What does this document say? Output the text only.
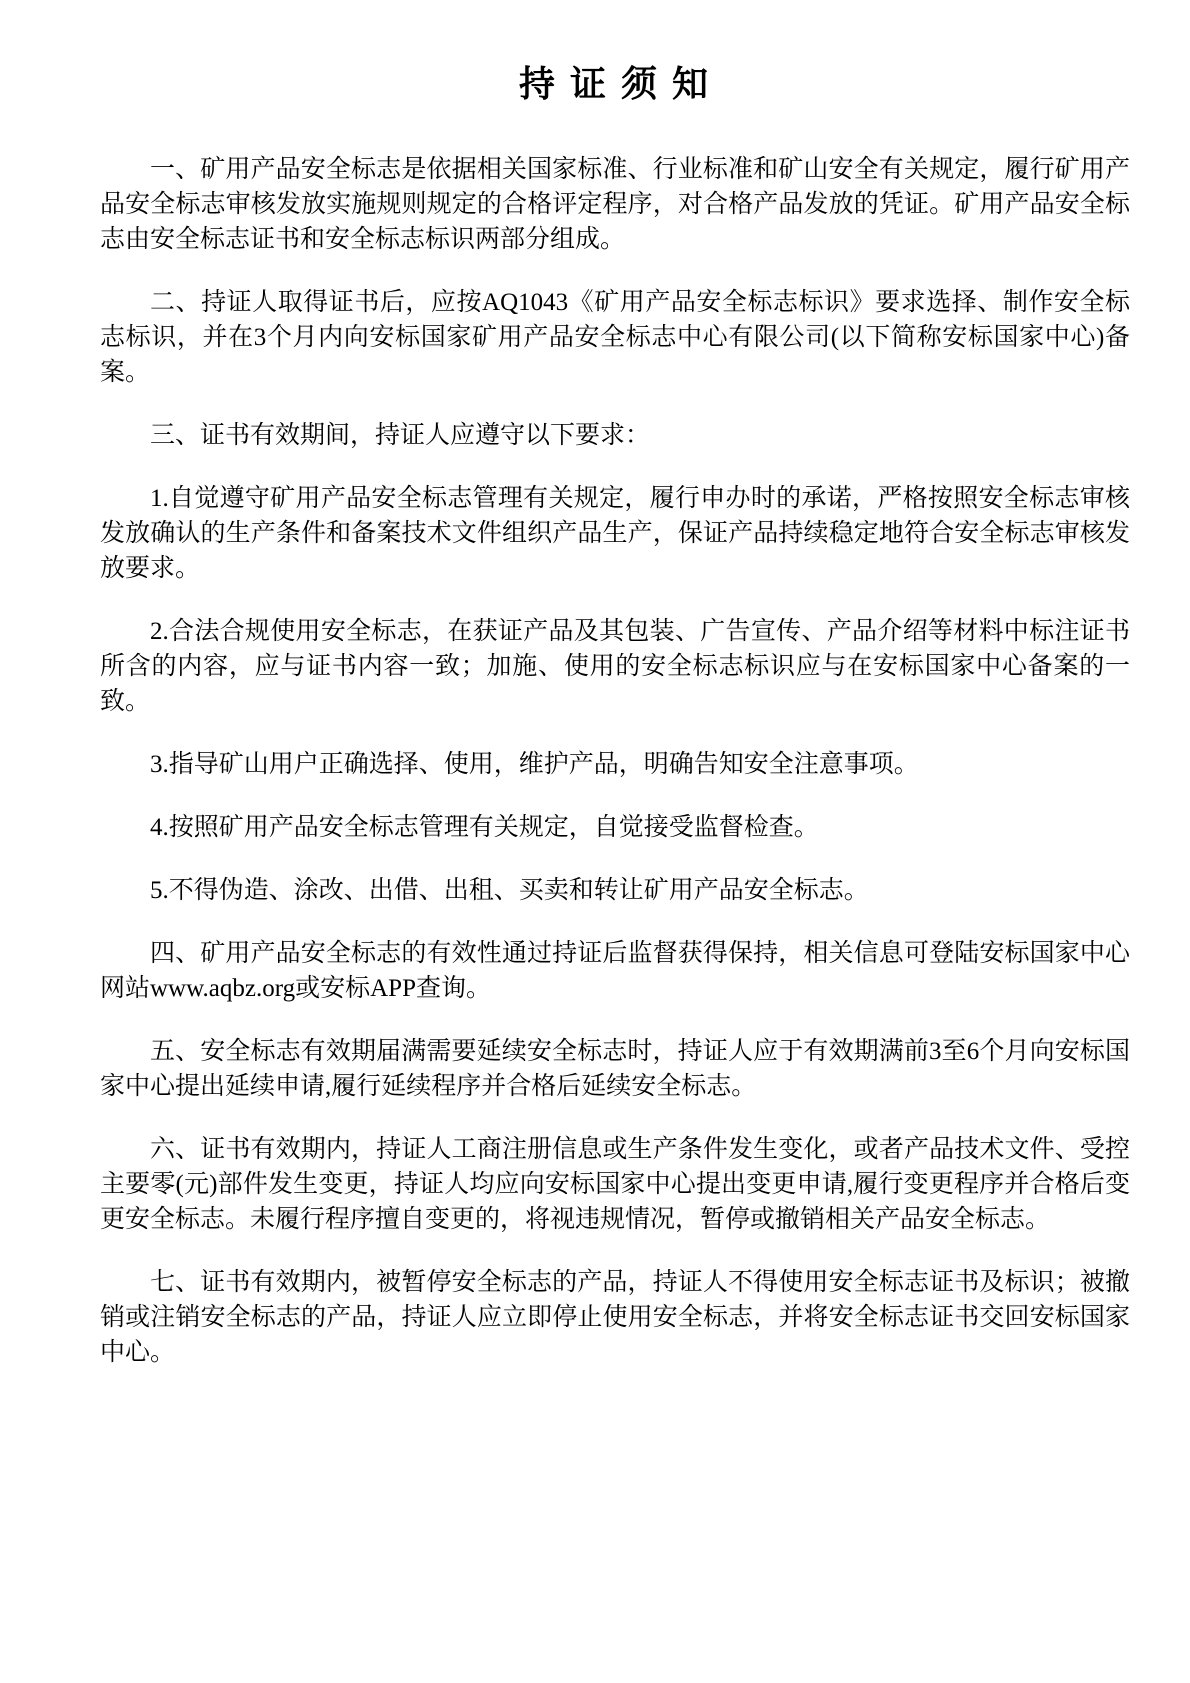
持 证 须 知

一、矿用产品安全标志是依据相关国家标准、行业标准和矿山安全有关规定，履行矿用产品安全标志审核发放实施规则规定的合格评定程序，对合格产品发放的凭证。矿用产品安全标志由安全标志证书和安全标志标识两部分组成。

二、持证人取得证书后，应按AQ1043《矿用产品安全标志标识》要求选择、制作安全标志标识，并在3个月内向安标国家矿用产品安全标志中心有限公司(以下简称安标国家中心)备案。

三、证书有效期间，持证人应遵守以下要求：

1.自觉遵守矿用产品安全标志管理有关规定，履行申办时的承诺，严格按照安全标志审核发放确认的生产条件和备案技术文件组织产品生产，保证产品持续稳定地符合安全标志审核发放要求。

2.合法合规使用安全标志，在获证产品及其包装、广告宣传、产品介绍等材料中标注证书所含的内容，应与证书内容一致；加施、使用的安全标志标识应与在安标国家中心备案的一致。

3.指导矿山用户正确选择、使用，维护产品，明确告知安全注意事项。

4.按照矿用产品安全标志管理有关规定，自觉接受监督检查。

5.不得伪造、涂改、出借、出租、买卖和转让矿用产品安全标志。

四、矿用产品安全标志的有效性通过持证后监督获得保持，相关信息可登陆安标国家中心网站www.aqbz.org或安标APP查询。

五、安全标志有效期届满需要延续安全标志时，持证人应于有效期满前3至6个月向安标国家中心提出延续申请,履行延续程序并合格后延续安全标志。

六、证书有效期内，持证人工商注册信息或生产条件发生变化，或者产品技术文件、受控主要零(元)部件发生变更，持证人均应向安标国家中心提出变更申请,履行变更程序并合格后变更安全标志。未履行程序擅自变更的，将视违规情况，暂停或撤销相关产品安全标志。

七、证书有效期内，被暂停安全标志的产品，持证人不得使用安全标志证书及标识；被撤销或注销安全标志的产品，持证人应立即停止使用安全标志，并将安全标志证书交回安标国家中心。
